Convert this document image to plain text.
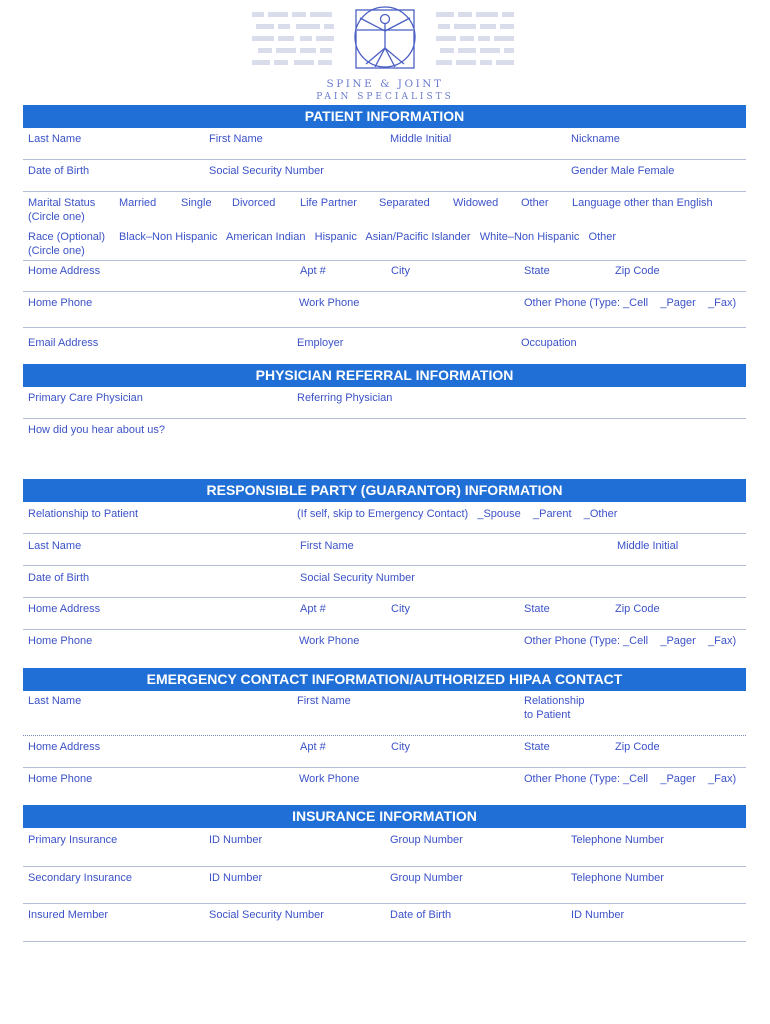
SPINE & JOINT
PAIN SPECIALISTS
PATIENT INFORMATION
Last Name	First Name	Middle Initial	Nickname
Date of Birth	Social Security Number	Gender Male Female
Marital Status
(Circle one)
Married Single Divorced Life Partner Separated Widowed Other Language other than English
Race (Optional)
(Circle one)
Black–Non Hispanic   American Indian   Hispanic   Asian/Pacific Islander   White–Non Hispanic   Other
Home Address	Apt #	City	State	Zip Code
Home Phone	Work Phone	Other Phone (Type: _Cell    _Pager    _Fax)
Email Address	Employer	Occupation
PHYSICIAN REFERRAL INFORMATION
Primary Care Physician	Referring Physician
How did you hear about us?
RESPONSIBLE PARTY (GUARANTOR) INFORMATION
Relationship to Patient	(If self, skip to Emergency Contact)   _Spouse    _Parent    _Other
Last Name	First Name	Middle Initial
Date of Birth	Social Security Number
Home Address	Apt #	City	State	Zip Code
Home Phone	Work Phone	Other Phone (Type: _Cell    _Pager    _Fax)
EMERGENCY CONTACT INFORMATION/AUTHORIZED HIPAA CONTACT
Last Name	First Name	Relationship
to Patient
Home Address	Apt #	City	State	Zip Code
Home Phone	Work Phone	Other Phone (Type: _Cell    _Pager    _Fax)
INSURANCE INFORMATION
Primary Insurance	ID Number	Group Number	Telephone Number
Secondary Insurance	ID Number	Group Number	Telephone Number
Insured Member	Social Security Number	Date of Birth	ID Number
